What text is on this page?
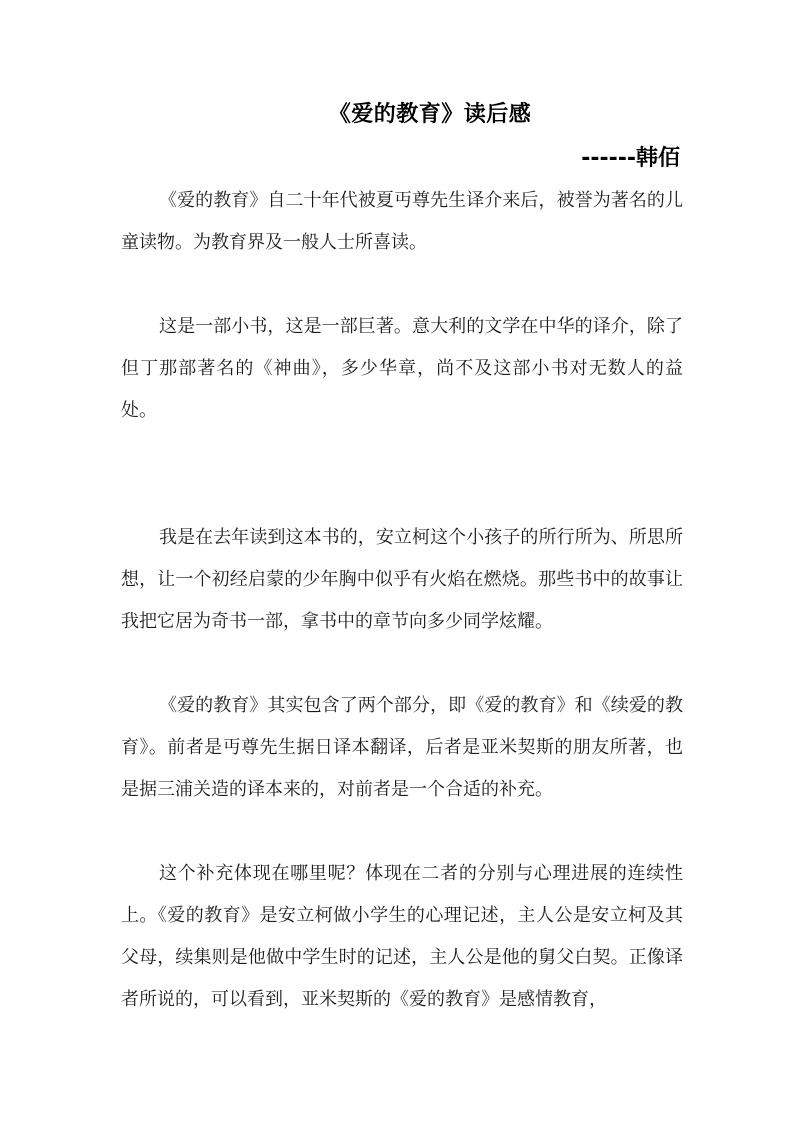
《爱的教育》读后感
------韩佰

《爱的教育》自二十年代被夏丏尊先生译介来后，被誉为著名的儿童读物。为教育界及一般人士所喜读。

这是一部小书，这是一部巨著。意大利的文学在中华的译介，除了但丁那部著名的《神曲》，多少华章，尚不及这部小书对无数人的益处。

我是在去年读到这本书的，安立柯这个小孩子的所行所为、所思所想，让一个初经启蒙的少年胸中似乎有火焰在燃烧。那些书中的故事让我把它居为奇书一部，拿书中的章节向多少同学炫耀。

《爱的教育》其实包含了两个部分，即《爱的教育》和《续爱的教育》。前者是丏尊先生据日译本翻译，后者是亚米契斯的朋友所著，也是据三浦关造的译本来的，对前者是一个合适的补充。

这个补充体现在哪里呢？体现在二者的分别与心理进展的连续性上。《爱的教育》是安立柯做小学生的心理记述，主人公是安立柯及其父母，续集则是他做中学生时的记述，主人公是他的舅父白契。正像译者所说的，可以看到，亚米契斯的《爱的教育》是感情教育，
